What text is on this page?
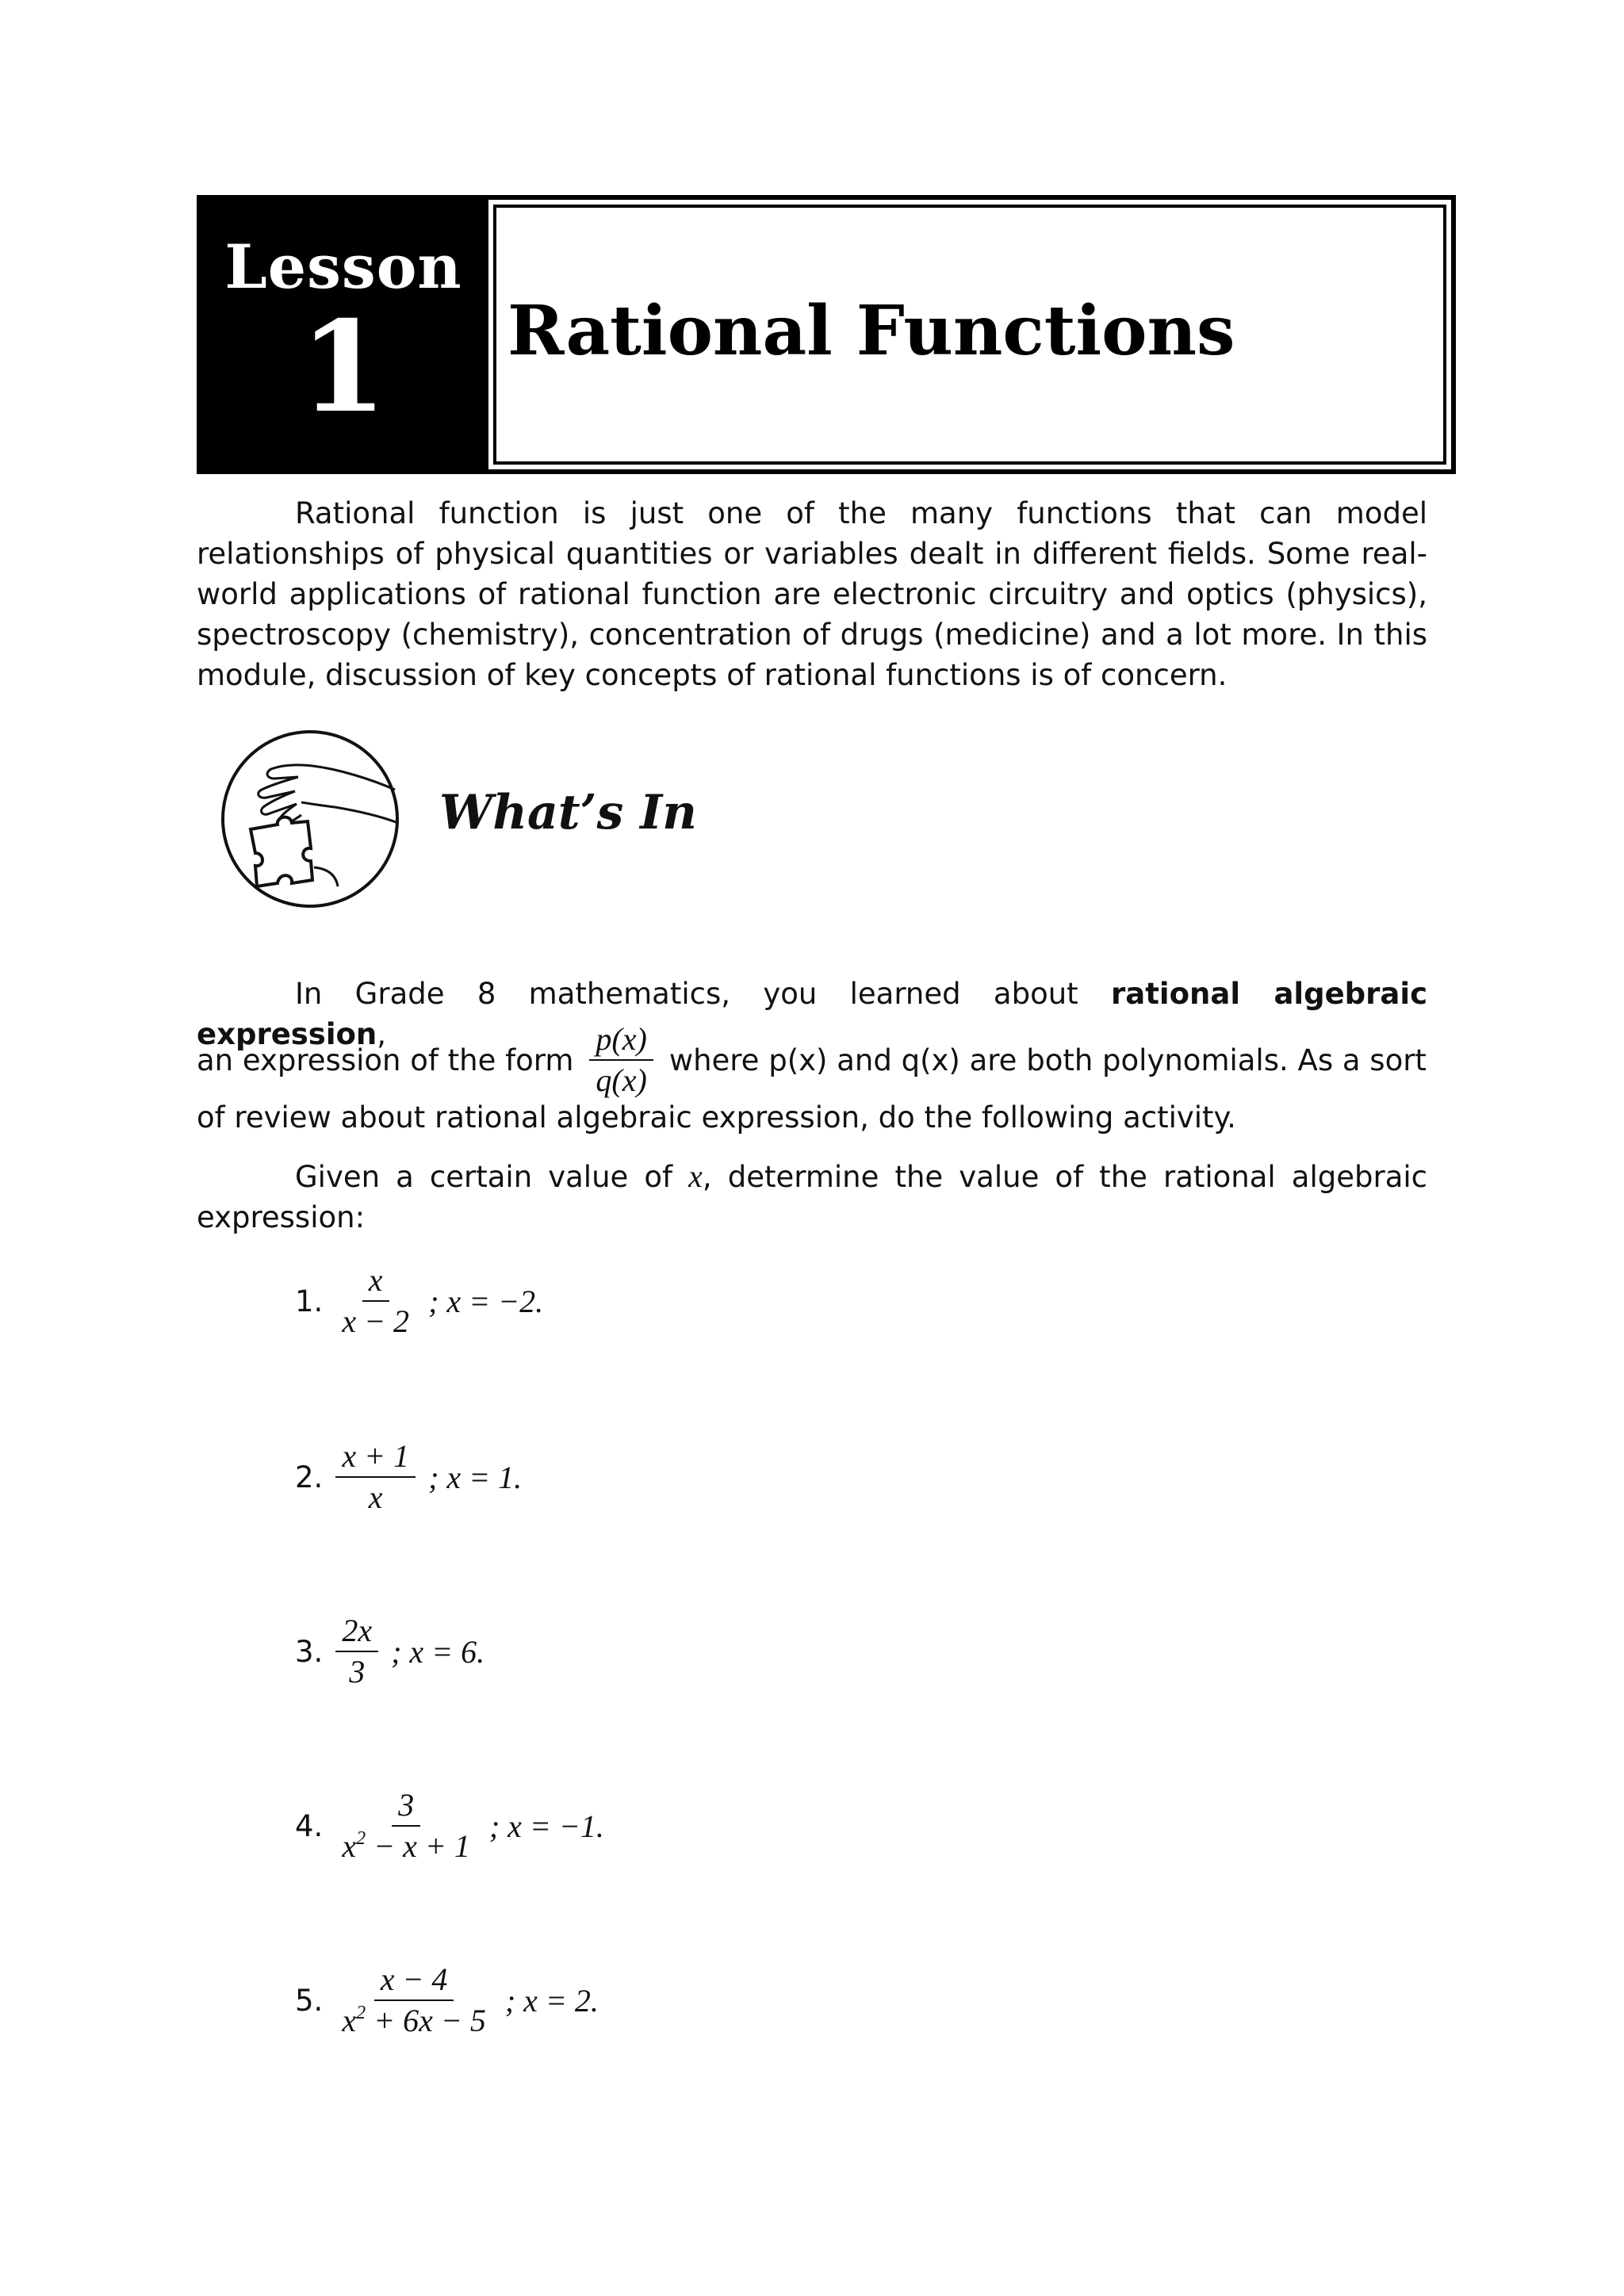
Lesson
1 Rational Functions
Rational function is just one of the many functions that can model relationships of physical quantities or variables dealt in different fields. Some real-world applications of rational function are electronic circuitry and optics (physics), spectroscopy (chemistry), concentration of drugs (medicine) and a lot more. In this module, discussion of key concepts of rational functions is of concern.
What’s In
In Grade 8 mathematics, you learned about rational algebraic expression,
an expression of the form $\frac{p(x)}{q(x)}$ where p(x) and q(x) are both polynomials. As a sort
of review about rational algebraic expression, do the following activity.
Given a certain value of x, determine the value of the rational algebraic expression:
1. $\frac{x}{x - 2}$ ; x = −2.
2. $\frac{x + 1}{x}$ ; x = 1.
3. $\frac{2x}{3}$ ; x = 6.
4. $\frac{3}{x^2 - x + 1}$ ; x = −1.
5. $\frac{x - 4}{x^2 + 6x - 5}$ ; x = 2.
